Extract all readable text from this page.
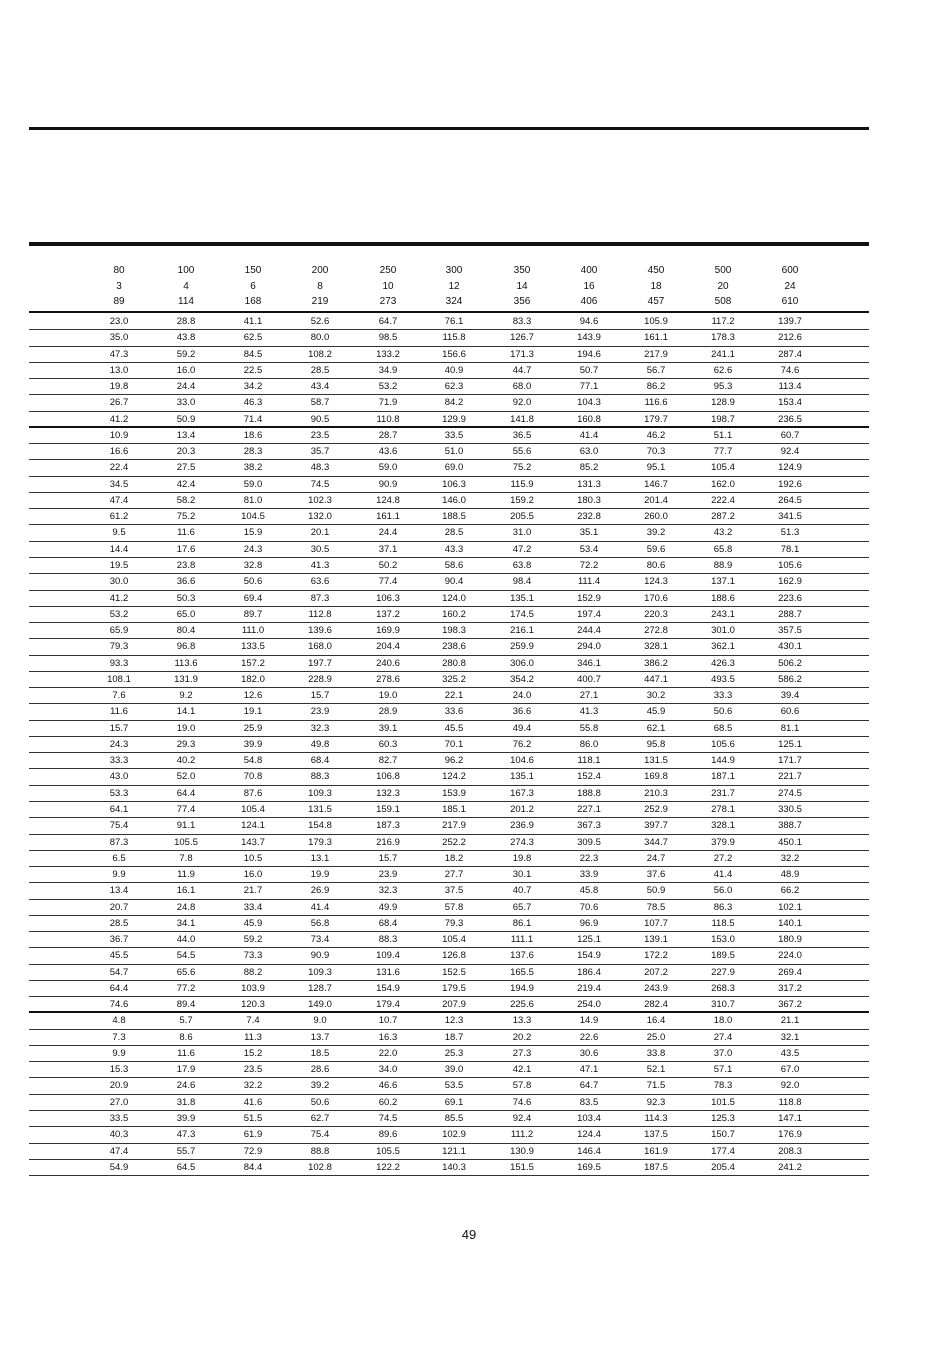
80	100	150	200	250	300	350	400	450	500	600
3	4	6	8	10	12	14	16	18	20	24
89	114	168	219	273	324	356	406	457	508	610
23.0	28.8	41.1	52.6	64.7	76.1	83.3	94.6	105.9	117.2	139.7
35.0	43.8	62.5	80.0	98.5	115.8	126.7	143.9	161.1	178.3	212.6
47.3	59.2	84.5	108.2	133.2	156.6	171.3	194.6	217.9	241.1	287.4
13.0	16.0	22.5	28.5	34.9	40.9	44.7	50.7	56.7	62.6	74.6
19.8	24.4	34.2	43.4	53.2	62.3	68.0	77.1	86.2	95.3	113.4
26.7	33.0	46.3	58.7	71.9	84.2	92.0	104.3	116.6	128.9	153.4
41.2	50.9	71.4	90.5	110.8	129.9	141.8	160.8	179.7	198.7	236.5
10.9	13.4	18.6	23.5	28.7	33.5	36.5	41.4	46.2	51.1	60.7
16.6	20.3	28.3	35.7	43.6	51.0	55.6	63.0	70.3	77.7	92.4
22.4	27.5	38.2	48.3	59.0	69.0	75.2	85.2	95.1	105.4	124.9
34.5	42.4	59.0	74.5	90.9	106.3	115.9	131.3	146.7	162.0	192.6
47.4	58.2	81.0	102.3	124.8	146.0	159.2	180.3	201.4	222.4	264.5
61.2	75.2	104.5	132.0	161.1	188.5	205.5	232.8	260.0	287.2	341.5
9.5	11.6	15.9	20.1	24.4	28.5	31.0	35.1	39.2	43.2	51.3
14.4	17.6	24.3	30.5	37.1	43.3	47.2	53.4	59.6	65.8	78.1
19.5	23.8	32.8	41.3	50.2	58.6	63.8	72.2	80.6	88.9	105.6
30.0	36.6	50.6	63.6	77.4	90.4	98.4	111.4	124.3	137.1	162.9
41.2	50.3	69.4	87.3	106.3	124.0	135.1	152.9	170.6	188.6	223.6
53.2	65.0	89.7	112.8	137.2	160.2	174.5	197.4	220.3	243.1	288.7
65.9	80.4	111.0	139.6	169.9	198.3	216.1	244.4	272.8	301.0	357.5
79.3	96.8	133.5	168.0	204.4	238.6	259.9	294.0	328.1	362.1	430.1
93.3	113.6	157.2	197.7	240.6	280.8	306.0	346.1	386.2	426.3	506.2
108.1	131.9	182.0	228.9	278.6	325.2	354.2	400.7	447.1	493.5	586.2
7.6	9.2	12.6	15.7	19.0	22.1	24.0	27.1	30.2	33.3	39.4
11.6	14.1	19.1	23.9	28.9	33.6	36.6	41.3	45.9	50.6	60.6
15.7	19.0	25.9	32.3	39.1	45.5	49.4	55.8	62.1	68.5	81.1
24.3	29.3	39.9	49.8	60.3	70.1	76.2	86.0	95.8	105.6	125.1
33.3	40.2	54.8	68.4	82.7	96.2	104.6	118.1	131.5	144.9	171.7
43.0	52.0	70.8	88.3	106.8	124.2	135.1	152.4	169.8	187.1	221.7
53.3	64.4	87.6	109.3	132.3	153.9	167.3	188.8	210.3	231.7	274.5
64.1	77.4	105.4	131.5	159.1	185.1	201.2	227.1	252.9	278.1	330.5
75.4	91.1	124.1	154.8	187.3	217.9	236.9	367.3	397.7	328.1	388.7
87.3	105.5	143.7	179.3	216.9	252.2	274.3	309.5	344.7	379.9	450.1
6.5	7.8	10.5	13.1	15.7	18.2	19.8	22.3	24.7	27.2	32.2
9.9	11.9	16.0	19.9	23.9	27.7	30.1	33.9	37.6	41.4	48.9
13.4	16.1	21.7	26.9	32.3	37.5	40.7	45.8	50.9	56.0	66.2
20.7	24.8	33.4	41.4	49.9	57.8	65.7	70.6	78.5	86.3	102.1
28.5	34.1	45.9	56.8	68.4	79.3	86.1	96.9	107.7	118.5	140.1
36.7	44.0	59.2	73.4	88.3	105.4	111.1	125.1	139.1	153.0	180.9
45.5	54.5	73.3	90.9	109.4	126.8	137.6	154.9	172.2	189.5	224.0
54.7	65.6	88.2	109.3	131.6	152.5	165.5	186.4	207.2	227.9	269.4
64.4	77.2	103.9	128.7	154.9	179.5	194.9	219.4	243.9	268.3	317.2
74.6	89.4	120.3	149.0	179.4	207.9	225.6	254.0	282.4	310.7	367.2
4.8	5.7	7.4	9.0	10.7	12.3	13.3	14.9	16.4	18.0	21.1
7.3	8.6	11.3	13.7	16.3	18.7	20.2	22.6	25.0	27.4	32.1
9.9	11.6	15.2	18.5	22.0	25.3	27.3	30.6	33.8	37.0	43.5
15.3	17.9	23.5	28.6	34.0	39.0	42.1	47.1	52.1	57.1	67.0
20.9	24.6	32.2	39.2	46.6	53.5	57.8	64.7	71.5	78.3	92.0
27.0	31.8	41.6	50.6	60.2	69.1	74.6	83.5	92.3	101.5	118.8
33.5	39.9	51.5	62.7	74.5	85.5	92.4	103.4	114.3	125.3	147.1
40.3	47.3	61.9	75.4	89.6	102.9	111.2	124.4	137.5	150.7	176.9
47.4	55.7	72.9	88.8	105.5	121.1	130.9	146.4	161.9	177.4	208.3
54.9	64.5	84.4	102.8	122.2	140.3	151.5	169.5	187.5	205.4	241.2
49
